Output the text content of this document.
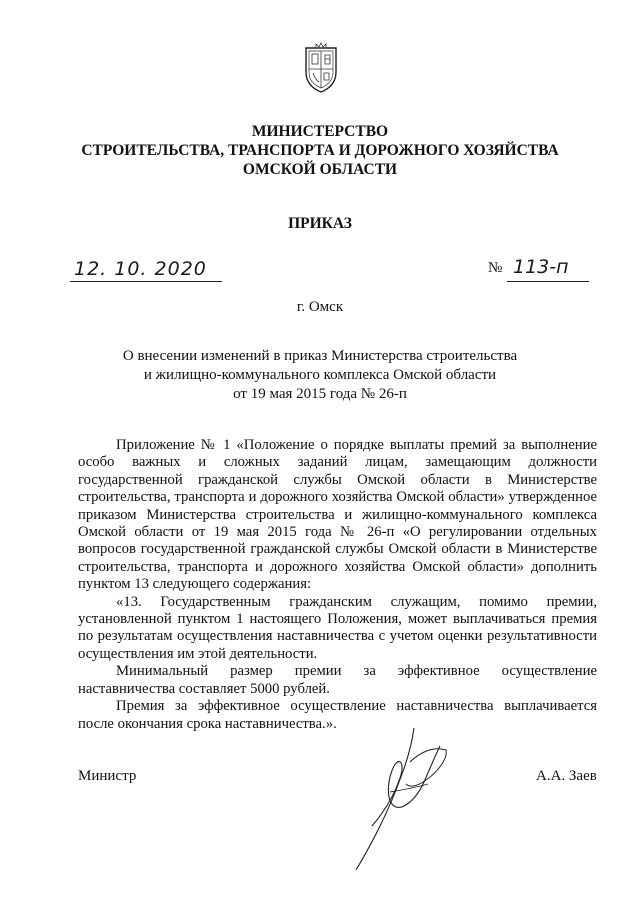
МИНИСТЕРСТВО
СТРОИТЕЛЬСТВА, ТРАНСПОРТА И ДОРОЖНОГО ХОЗЯЙСТВА
ОМСКОЙ ОБЛАСТИ
ПРИКАЗ
12. 10. 2020	№ 113-п
г. Омск
О внесении изменений в приказ Министерства строительства
и жилищно-коммунального комплекса Омской области
от 19 мая 2015 года № 26-п

Приложение № 1 «Положение о порядке выплаты премий за выполнение особо важных и сложных заданий лицам, замещающим должности государственной гражданской службы Омской области в Министерстве строительства, транспорта и дорожного хозяйства Омской области» утвержденное приказом Министерства строительства и жилищно-коммунального комплекса Омской области от 19 мая 2015 года № 26-п «О регулировании отдельных вопросов государственной гражданской службы Омской области в Министерстве строительства, транспорта и дорожного хозяйства Омской области» дополнить пунктом 13 следующего содержания:

«13. Государственным гражданским служащим, помимо премии, установленной пунктом 1 настоящего Положения, может выплачиваться премия по результатам осуществления наставничества с учетом оценки результативности осуществления им этой деятельности.

Минимальный размер премии за эффективное осуществление наставничества составляет 5000 рублей.

Премия за эффективное осуществление наставничества выплачивается после окончания срока наставничества.».

Министр	А.А. Заев
